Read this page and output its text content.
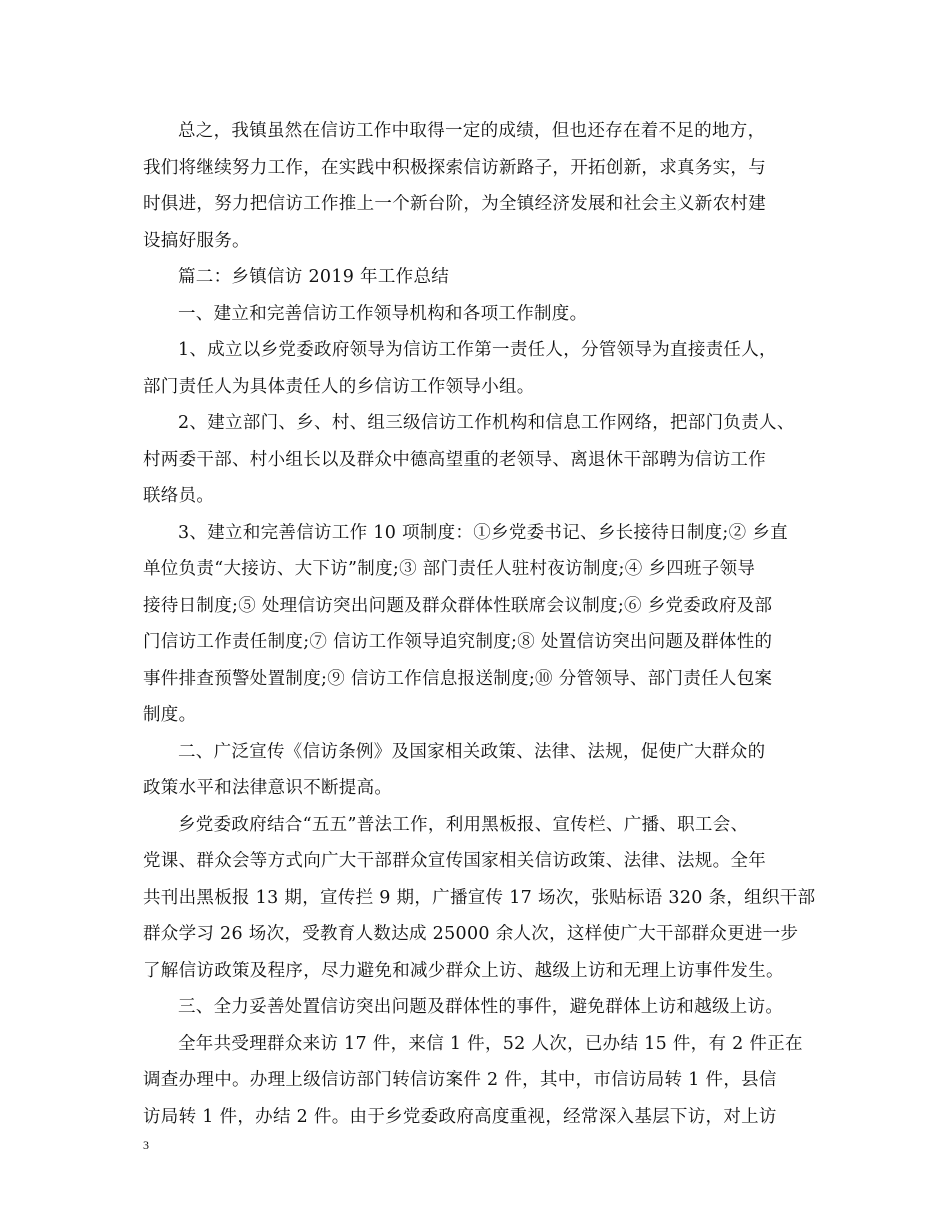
总之，我镇虽然在信访工作中取得一定的成绩，但也还存在着不足的地方，
我们将继续努力工作，在实践中积极探索信访新路子，开拓创新，求真务实，与
时俱进，努力把信访工作推上一个新台阶，为全镇经济发展和社会主义新农村建
设搞好服务。

篇二：乡镇信访 2019 年工作总结

一、建立和完善信访工作领导机构和各项工作制度。

1、成立以乡党委政府领导为信访工作第一责任人，分管领导为直接责任人，
部门责任人为具体责任人的乡信访工作领导小组。

2、建立部门、乡、村、组三级信访工作机构和信息工作网络，把部门负责人、
村两委干部、村小组长以及群众中德高望重的老领导、离退休干部聘为信访工作
联络员。

3、建立和完善信访工作 10 项制度：①乡党委书记、乡长接待日制度;② 乡直
单位负责“大接访、大下访”制度;③ 部门责任人驻村夜访制度;④ 乡四班子领导
接待日制度;⑤ 处理信访突出问题及群众群体性联席会议制度;⑥ 乡党委政府及部
门信访工作责任制度;⑦ 信访工作领导追究制度;⑧ 处置信访突出问题及群体性的
事件排查预警处置制度;⑨ 信访工作信息报送制度;⑩ 分管领导、部门责任人包案
制度。

二、广泛宣传《信访条例》及国家相关政策、法律、法规，促使广大群众的
政策水平和法律意识不断提高。

乡党委政府结合“五五”普法工作，利用黑板报、宣传栏、广播、职工会、
党课、群众会等方式向广大干部群众宣传国家相关信访政策、法律、法规。全年
共刊出黑板报 13 期，宣传拦 9 期，广播宣传 17 场次，张贴标语 320 条，组织干部
群众学习 26 场次，受教育人数达成 25000 余人次，这样使广大干部群众更进一步
了解信访政策及程序，尽力避免和减少群众上访、越级上访和无理上访事件发生。

三、全力妥善处置信访突出问题及群体性的事件，避免群体上访和越级上访。

全年共受理群众来访 17 件，来信 1 件，52 人次，已办结 15 件，有 2 件正在
调查办理中。办理上级信访部门转信访案件 2 件，其中，市信访局转 1 件，县信
访局转 1 件，办结 2 件。由于乡党委政府高度重视，经常深入基层下访，对上访

3
